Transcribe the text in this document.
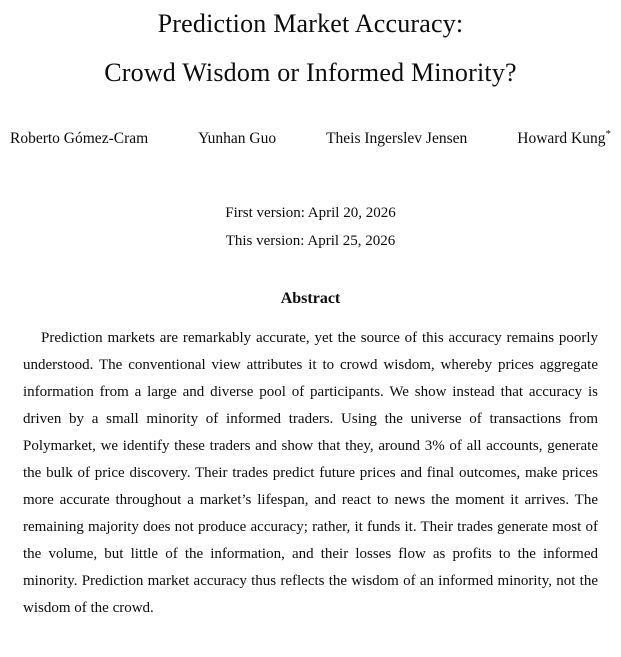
Prediction Market Accuracy:
Crowd Wisdom or Informed Minority?
Roberto Gómez-Cram	Yunhan Guo	Theis Ingerslev Jensen	Howard Kung*
First version: April 20, 2026
This version: April 25, 2026
Abstract

Prediction markets are remarkably accurate, yet the source of this accuracy remains poorly understood. The conventional view attributes it to crowd wisdom, whereby prices aggregate information from a large and diverse pool of participants. We show instead that accuracy is driven by a small minority of informed traders. Using the universe of transactions from Polymarket, we identify these traders and show that they, around 3% of all accounts, generate the bulk of price discovery. Their trades predict future prices and final outcomes, make prices more accurate throughout a market’s lifespan, and react to news the moment it arrives. The remaining majority does not produce accuracy; rather, it funds it. Their trades generate most of the volume, but little of the information, and their losses flow as profits to the informed minority. Prediction market accuracy thus reflects the wisdom of an informed minority, not the wisdom of the crowd.
